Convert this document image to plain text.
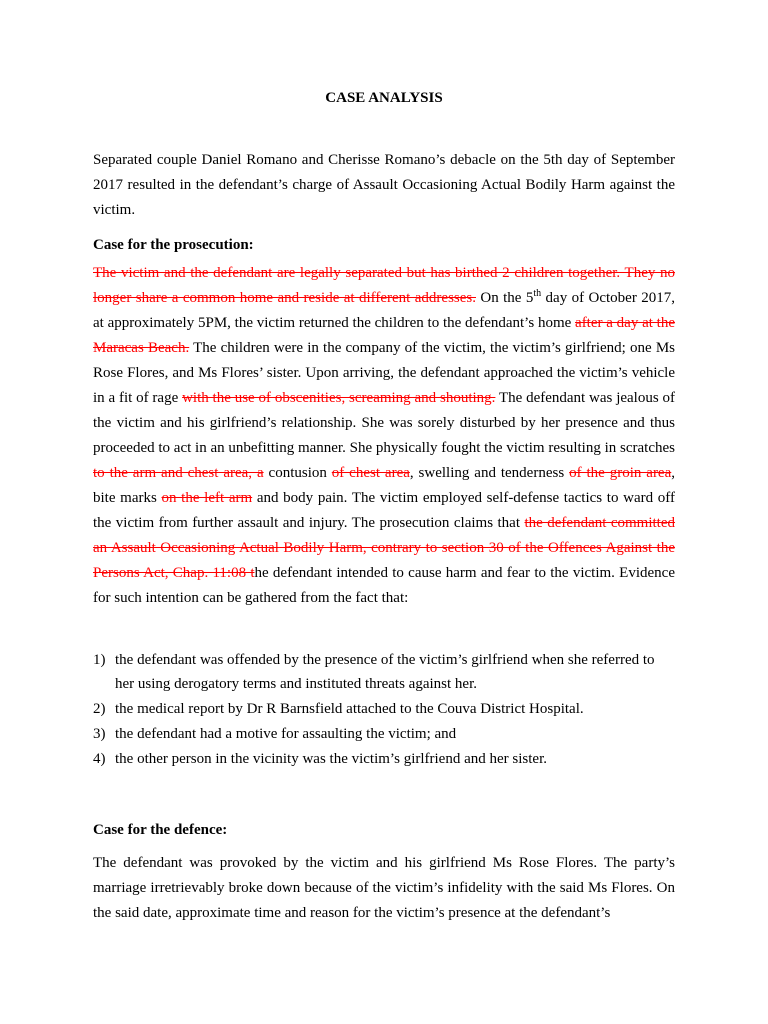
CASE ANALYSIS
Separated couple Daniel Romano and Cherisse Romano’s debacle on the 5th day of September 2017 resulted in the defendant’s charge of Assault Occasioning Actual Bodily Harm against the victim.
Case for the prosecution:
The victim and the defendant are legally separated but has birthed 2 children together. They no longer share a common home and reside at different addresses. On the 5th day of October 2017, at approximately 5PM, the victim returned the children to the defendant’s home after a day at the Maracas Beach. The children were in the company of the victim, the victim’s girlfriend; one Ms Rose Flores, and Ms Flores’ sister. Upon arriving, the defendant approached the victim’s vehicle in a fit of rage with the use of obscenities, screaming and shouting. The defendant was jealous of the victim and his girlfriend’s relationship. She was sorely disturbed by her presence and thus proceeded to act in an unbefitting manner. She physically fought the victim resulting in scratches to the arm and chest area, a contusion of chest area, swelling and tenderness of the groin area, bite marks on the left arm and body pain. The victim employed self-defense tactics to ward off the victim from further assault and injury. The prosecution claims that the defendant committed an Assault Occasioning Actual Bodily Harm, contrary to section 30 of the Offences Against the Persons Act, Chap. 11:08 the defendant intended to cause harm and fear to the victim. Evidence for such intention can be gathered from the fact that:
1) the defendant was offended by the presence of the victim’s girlfriend when she referred to her using derogatory terms and instituted threats against her.
2) the medical report by Dr R Barnsfield attached to the Couva District Hospital.
3) the defendant had a motive for assaulting the victim; and
4) the other person in the vicinity was the victim’s girlfriend and her sister.
Case for the defence:
The defendant was provoked by the victim and his girlfriend Ms Rose Flores. The party’s marriage irretrievably broke down because of the victim’s infidelity with the said Ms Flores. On the said date, approximate time and reason for the victim’s presence at the defendant’s
